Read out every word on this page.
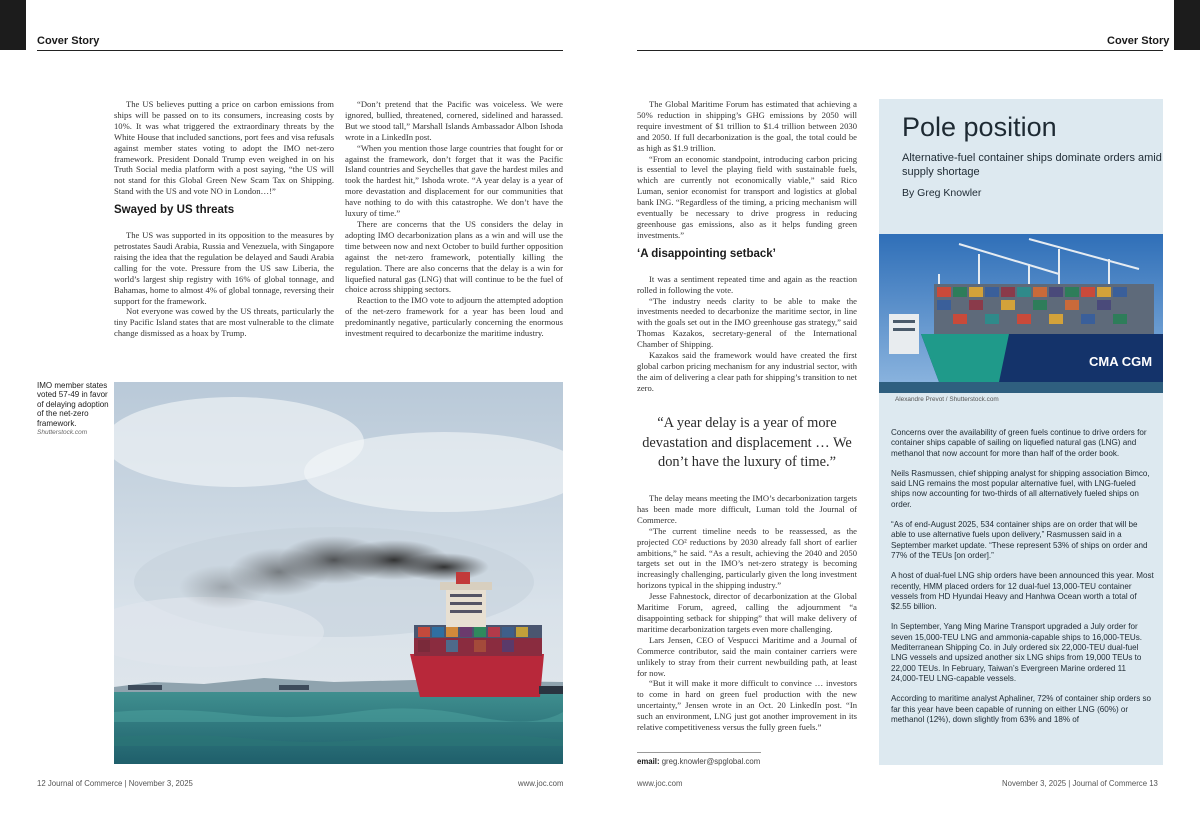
Cover Story	Cover Story

The US believes putting a price on carbon emissions from ships will be passed on to its consumers, increasing costs by 10%. It was what triggered the extraordinary threats by the White House that included sanctions, port fees and visa refusals against member states voting to adopt the IMO net-zero framework. President Donald Trump even weighed in on his Truth Social media platform with a post saying, “the US will not stand for this Global Green New Scam Tax on Shipping. Stand with the US and vote NO in London…!”

Swayed by US threats

The US was supported in its opposition to the measures by petrostates Saudi Arabia, Russia and Venezuela, with Singapore raising the idea that the regulation be delayed and Saudi Arabia calling for the vote. Pressure from the US saw Liberia, the world’s largest ship registry with 16% of global tonnage, and Bahamas, home to almost 4% of global tonnage, reversing their support for the framework.

Not everyone was cowed by the US threats, particularly the tiny Pacific Island states that are most vulnerable to the climate change dismissed as a hoax by Trump.

“Don’t pretend that the Pacific was voiceless. We were ignored, bullied, threatened, cornered, sidelined and harassed. But we stood tall,” Marshall Islands Ambassador Albon Ishoda wrote in a LinkedIn post.

“When you mention those large countries that fought for or against the framework, don’t forget that it was the Pacific Island countries and Seychelles that gave the hardest miles and took the hardest hit,” Ishoda wrote. “A year delay is a year of more devastation and displacement for our communities that have nothing to do with this catastrophe. We don’t have the luxury of time.”

There are concerns that the US considers the delay in adopting IMO decarbonization plans as a win and will use the time between now and next October to build further opposition against the net-zero framework, potentially killing the regulation. There are also concerns that the delay is a win for liquefied natural gas (LNG) that will continue to be the fuel of choice across shipping sectors.

Reaction to the IMO vote to adjourn the attempted adoption of the net-zero framework for a year has been loud and predominantly negative, particularly concerning the enormous investment required to decarbonize the maritime industry.

IMO member states voted 57-49 in favor of delaying adoption of the net-zero framework.
Shutterstock.com
12 Journal of Commerce | November 3, 2025	www.joc.com

The Global Maritime Forum has estimated that achieving a 50% reduction in shipping’s GHG emissions by 2050 will require investment of $1 trillion to $1.4 trillion between 2030 and 2050. If full decarbonization is the goal, the total could be as high as $1.9 trillion.

“From an economic standpoint, introducing carbon pricing is essential to level the playing field with sustainable fuels, which are currently not economically viable,” said Rico Luman, senior economist for transport and logistics at global bank ING. “Regardless of the timing, a pricing mechanism will eventually be necessary to drive progress in reducing greenhouse gas emissions, also as it helps funding green investments.”

‘A disappointing setback’

It was a sentiment repeated time and again as the reaction rolled in following the vote.

“The industry needs clarity to be able to make the investments needed to decarbonize the maritime sector, in line with the goals set out in the IMO greenhouse gas strategy,” said Thomas Kazakos, secretary-general of the International Chamber of Shipping.

Kazakos said the framework would have created the first global carbon pricing mechanism for any industrial sector, with the aim of delivering a clear path for shipping’s transition to net zero.

“A year delay is a year of more devastation and displacement … We don’t have the luxury of time.”

The delay means meeting the IMO’s decarbonization targets has been made more difficult, Luman told the Journal of Commerce.

“The current timeline needs to be reassessed, as the projected CO² reductions by 2030 already fall short of earlier ambitions,” he said. “As a result, achieving the 2040 and 2050 targets set out in the IMO’s net-zero strategy is becoming increasingly challenging, particularly given the long investment horizons typical in the shipping industry.”

Jesse Fahnestock, director of decarbonization at the Global Maritime Forum, agreed, calling the adjournment “a disappointing setback for shipping” that will make delivery of maritime decarbonization targets even more challenging.

Lars Jensen, CEO of Vespucci Maritime and a Journal of Commerce contributor, said the main container carriers were unlikely to stray from their current newbuilding path, at least for now.

“But it will make it more difficult to convince … investors to come in hard on green fuel production with the new uncertainty,” Jensen wrote in an Oct. 20 LinkedIn post. “In such an environment, LNG just got another improvement in its relative competitiveness versus the fully green fuels.”

email: greg.knowler@spglobal.com
Pole position
Alternative-fuel container ships dominate orders amid supply shortage
By Greg Knowler
CMA CGM
Alexandre Prevot / Shutterstock.com

Concerns over the availability of green fuels continue to drive orders for container ships capable of sailing on liquefied natural gas (LNG) and methanol that now account for more than half of the order book.

Neils Rasmussen, chief shipping analyst for shipping association Bimco, said LNG remains the most popular alternative fuel, with LNG-fueled ships now accounting for two-thirds of all alternatively fueled ships on order.

“As of end-August 2025, 534 container ships are on order that will be able to use alternative fuels upon delivery,” Rasmussen said in a September market update. “These represent 53% of ships on order and 77% of the TEUs [on order].”

A host of dual-fuel LNG ship orders have been announced this year. Most recently, HMM placed orders for 12 dual-fuel 13,000-TEU container vessels from HD Hyundai Heavy and Hanhwa Ocean worth a total of $2.55 billion.

In September, Yang Ming Marine Transport upgraded a July order for seven 15,000-TEU LNG and ammonia-capable ships to 16,000-TEUs. Mediterranean Shipping Co. in July ordered six 22,000-TEU dual-fuel LNG vessels and upsized another six LNG ships from 19,000 TEUs to 22,000 TEUs. In February, Taiwan’s Evergreen Marine ordered 11 24,000-TEU LNG-capable vessels.

According to maritime analyst Aphaliner, 72% of container ship orders so far this year have been capable of running on either LNG (60%) or methanol (12%), down slightly from 63% and 18% of

www.joc.com	November 3, 2025 | Journal of Commerce 13
